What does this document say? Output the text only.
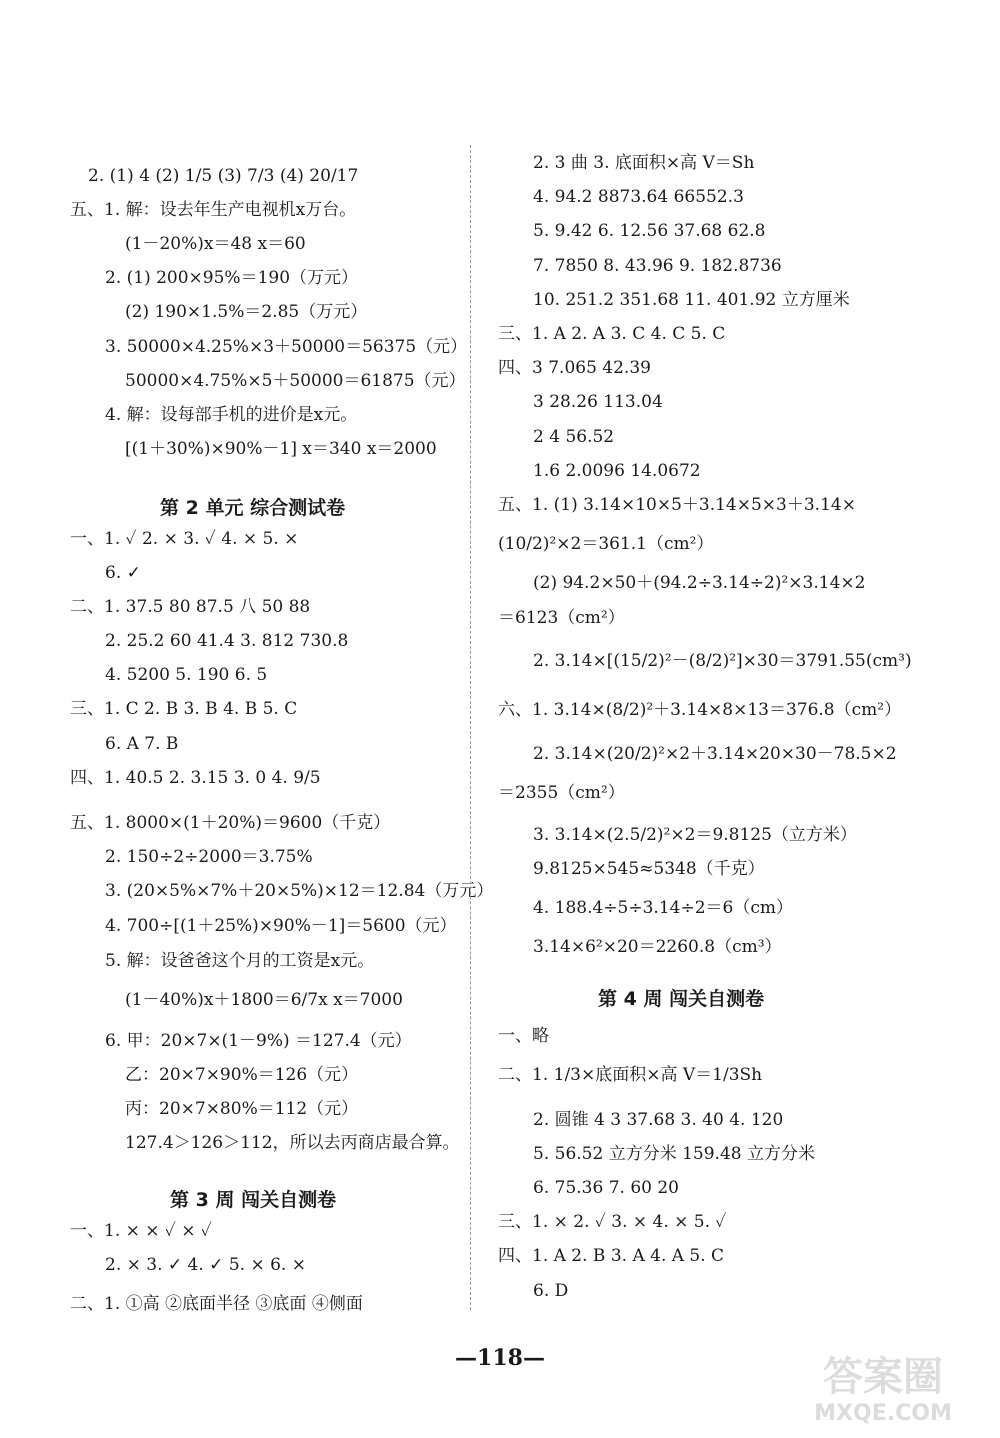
2. (1) 4 (2) 1/5 (3) 7/3 (4) 20/17
五、1. 解：设去年生产电视机x万台。
(1－20%)x＝48 x＝60
2. (1) 200×95%＝190（万元）
(2) 190×1.5%＝2.85（万元）
3. 50000×4.25%×3＋50000＝56375（元）
50000×4.75%×5＋50000＝61875（元）
4. 解：设每部手机的进价是x元。
[(1＋30%)×90%－1] x＝340 x＝2000
第 2 单元 综合测试卷
一、1. ✓ 2. × 3. ✓ 4. × 5. ×
6. ✓
二、1. 37.5 80 87.5 八 50 88
2. 25.2 60 41.4 3. 812 730.8
4. 5200 5. 190 6. 5
三、1. C 2. B 3. B 4. B 5. C
6. A 7. B
四、1. 40.5 2. 3.15 3. 0 4. 9/5
五、1. 8000×(1＋20%)＝9600（千克）
2. 150÷2÷2000＝3.75%
3. (20×5%×7%＋20×5%)×12＝12.84（万元）
4. 700÷[(1＋25%)×90%－1]＝5600（元）
5. 解：设爸爸这个月的工资是x元。
(1－40%)x＋1800＝6/7x x＝7000
6. 甲：20×7×(1－9%) ＝127.4（元）
乙：20×7×90%＝126（元）
丙：20×7×80%＝112（元）
127.4＞126＞112，所以去丙商店最合算。
第 3 周 闯关自测卷
一、1. × × ✓ × ✓
2. × 3. ✓ 4. ✓ 5. × 6. ×
二、1. ①高 ②底面半径 ③底面 ④侧面
2. 3 曲 3. 底面积×高 V＝Sh
4. 94.2 8873.64 66552.3
5. 9.42 6. 12.56 37.68 62.8
7. 7850 8. 43.96 9. 182.8736
10. 251.2 351.68 11. 401.92 立方厘米
三、1. A 2. A 3. C 4. C 5. C
四、3 7.065 42.39
3 28.26 113.04
2 4 56.52
1.6 2.0096 14.0672
五、1. (1) 3.14×10×5＋3.14×5×3＋3.14×
(10/2)²×2＝361.1（cm²）
(2) 94.2×50＋(94.2÷3.14÷2)²×3.14×2
＝6123（cm²）
2. 3.14×[(15/2)²－(8/2)²]×30＝3791.55(cm³)
六、1. 3.14×(8/2)²＋3.14×8×13＝376.8（cm²）
2. 3.14×(20/2)²×2＋3.14×20×30－78.5×2
＝2355（cm²）
3. 3.14×(2.5/2)²×2＝9.8125（立方米）
9.8125×545≈5348（千克）
4. 188.4÷5÷3.14÷2＝6（cm）
3.14×6²×20＝2260.8（cm³）
第 4 周 闯关自测卷
一、略
二、1. 1/3×底面积×高 V＝1/3Sh
2. 圆锥 4 3 37.68 3. 40 4. 120
5. 56.52 立方分米 159.48 立方分米
6. 75.36 7. 60 20
三、1. × 2. ✓ 3. × 4. × 5. ✓
四、1. A 2. B 3. A 4. A 5. C
6. D
—118—	答案圈
MXQE.COM
